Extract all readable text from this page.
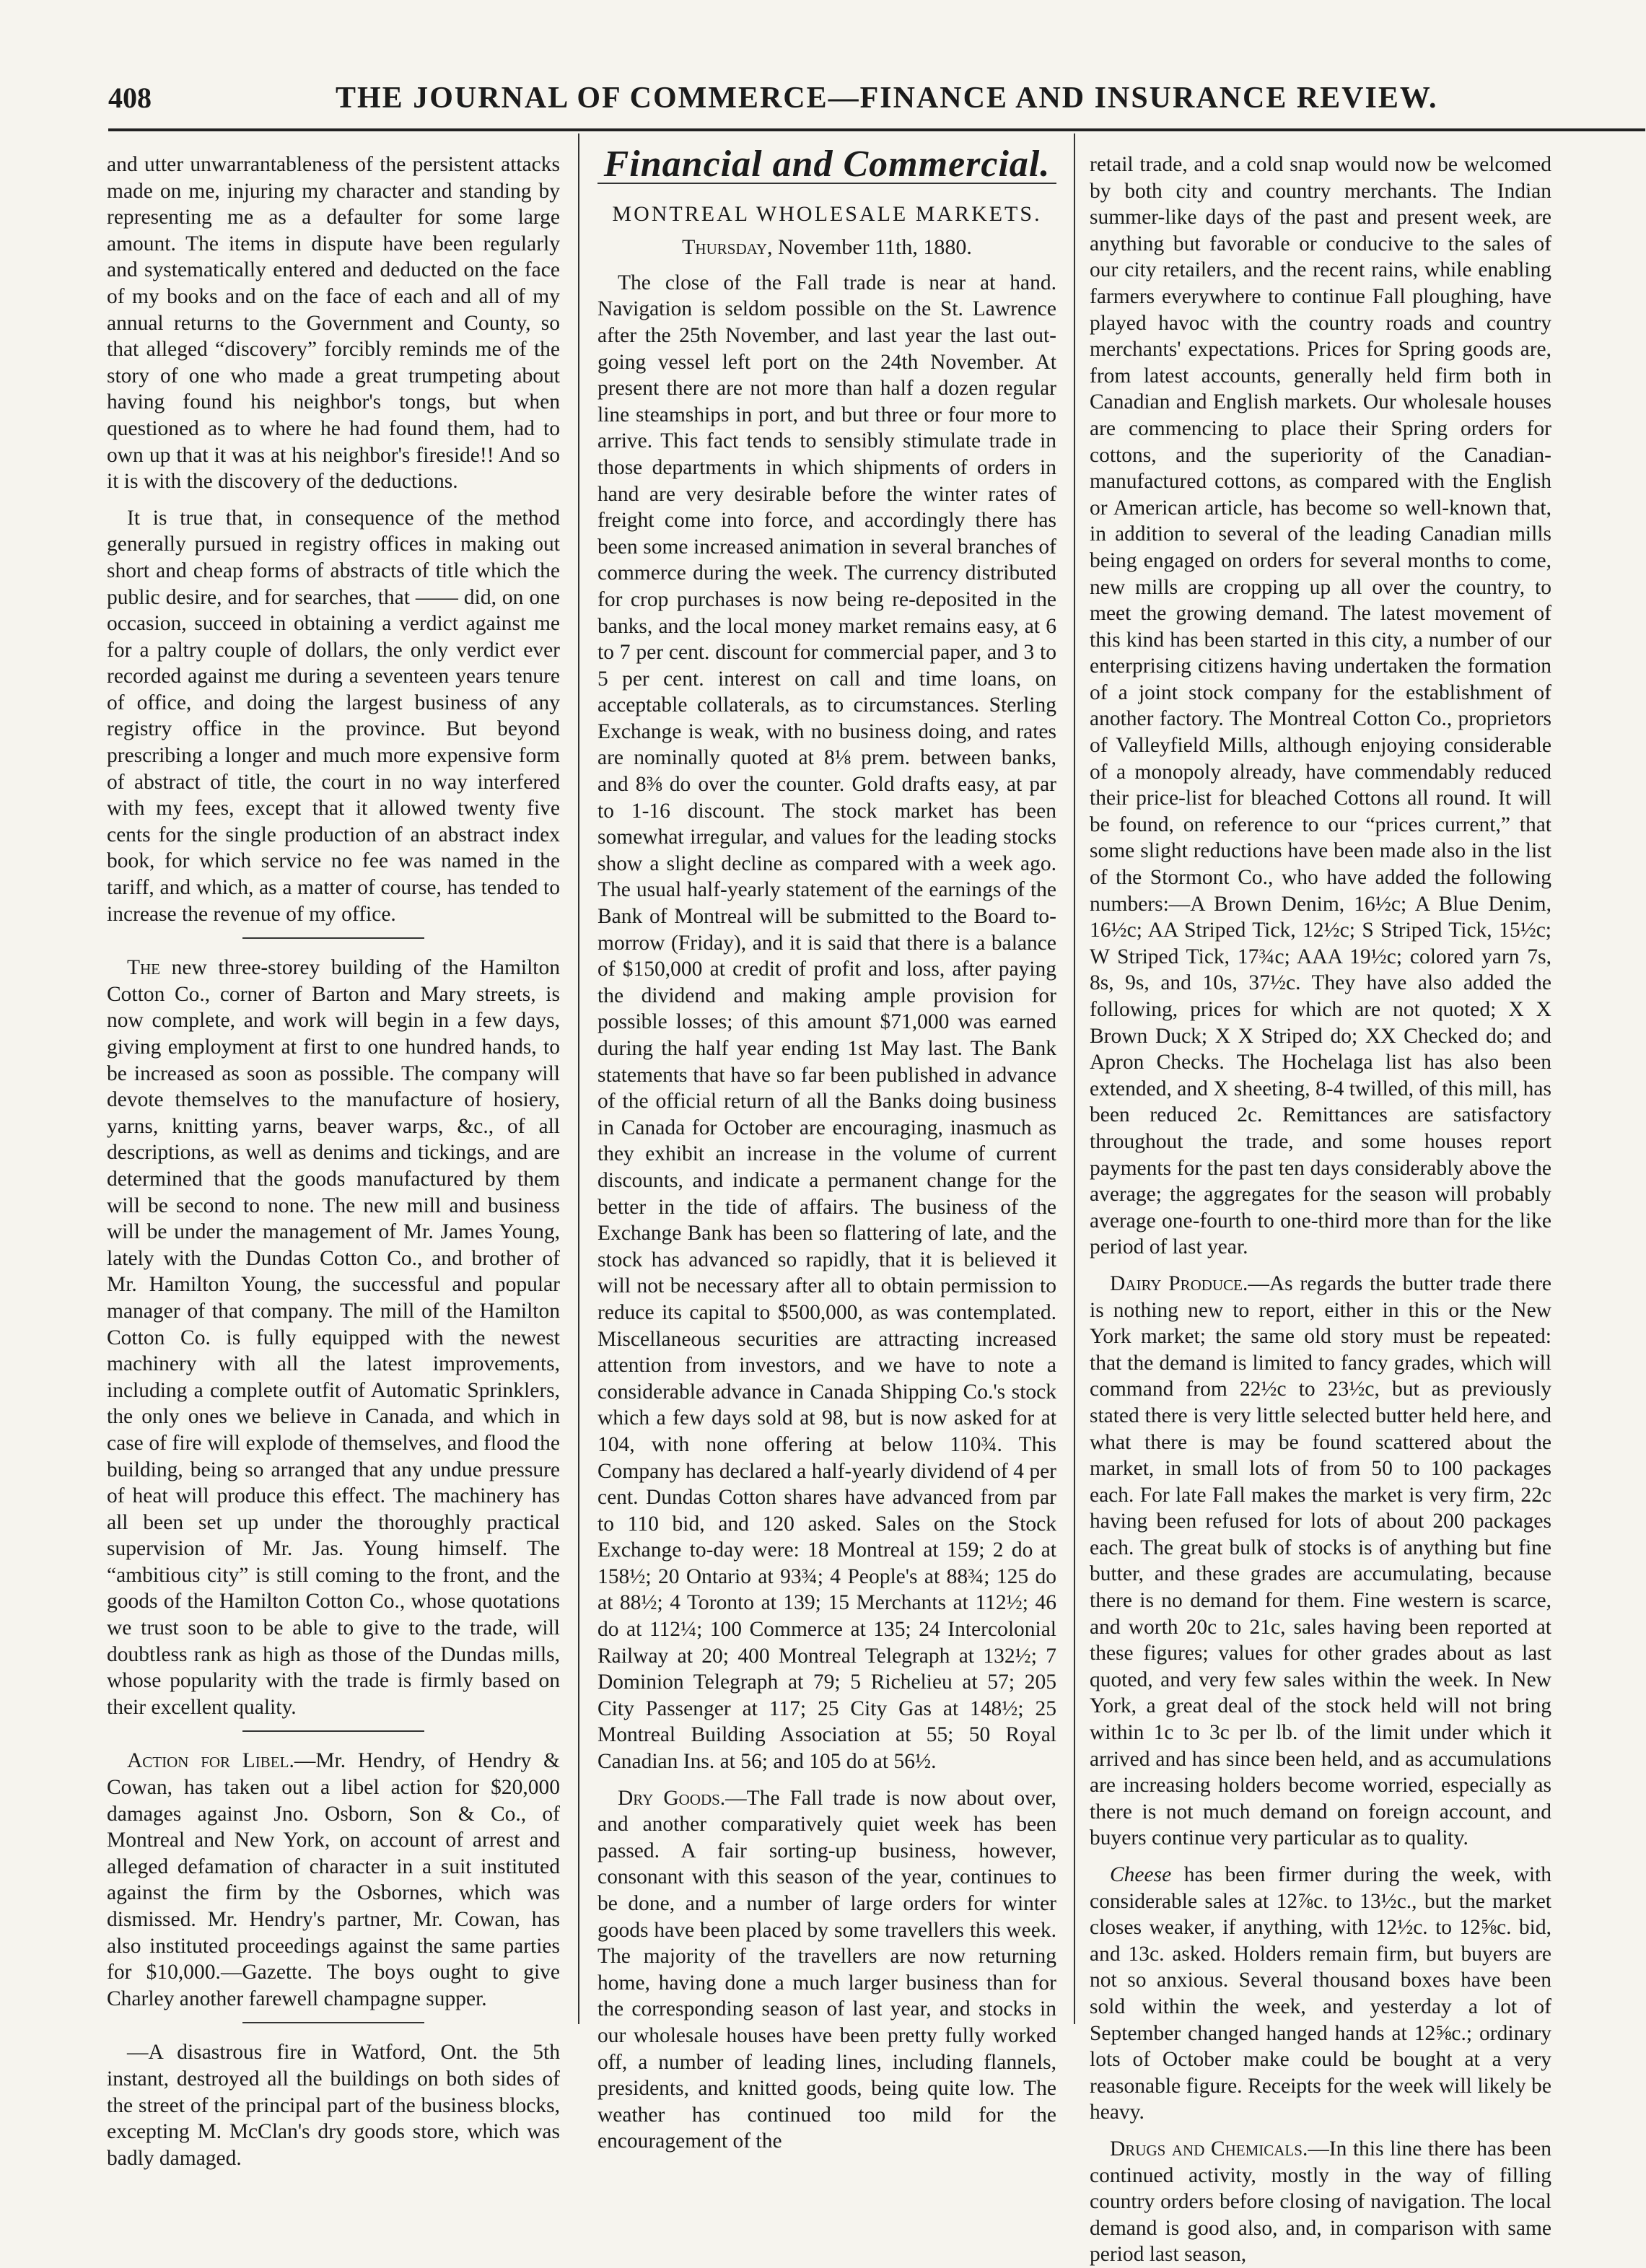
408	THE JOURNAL OF COMMERCE—FINANCE AND INSURANCE REVIEW.

and utter unwarrantableness of the persistent attacks made on me, injuring my character and standing by representing me as a defaulter for some large amount. The items in dispute have been regularly and systematically entered and deducted on the face of my books and on the face of each and all of my annual returns to the Government and County, so that alleged “discovery” forcibly reminds me of the story of one who made a great trumpeting about having found his neighbor's tongs, but when questioned as to where he had found them, had to own up that it was at his neighbor's fireside!! And so it is with the discovery of the deductions.

It is true that, in consequence of the method generally pursued in registry offices in making out short and cheap forms of abstracts of title which the public desire, and for searches, that —— did, on one occasion, succeed in obtaining a verdict against me for a paltry couple of dollars, the only verdict ever recorded against me during a seventeen years tenure of office, and doing the largest business of any registry office in the province. But beyond prescribing a longer and much more expensive form of abstract of title, the court in no way interfered with my fees, except that it allowed twenty five cents for the single production of an abstract index book, for which service no fee was named in the tariff, and which, as a matter of course, has tended to increase the revenue of my office.

The new three-storey building of the Hamilton Cotton Co., corner of Barton and Mary streets, is now complete, and work will begin in a few days, giving employment at first to one hundred hands, to be increased as soon as possible. The company will devote themselves to the manufacture of hosiery, yarns, knitting yarns, beaver warps, &c., of all descriptions, as well as denims and tickings, and are determined that the goods manufactured by them will be second to none. The new mill and business will be under the management of Mr. James Young, lately with the Dundas Cotton Co., and brother of Mr. Hamilton Young, the successful and popular manager of that company. The mill of the Hamilton Cotton Co. is fully equipped with the newest machinery with all the latest improvements, including a complete outfit of Automatic Sprinklers, the only ones we believe in Canada, and which in case of fire will explode of themselves, and flood the building, being so arranged that any undue pressure of heat will produce this effect. The machinery has all been set up under the thoroughly practical supervision of Mr. Jas. Young himself. The “ambitious city” is still coming to the front, and the goods of the Hamilton Cotton Co., whose quotations we trust soon to be able to give to the trade, will doubtless rank as high as those of the Dundas mills, whose popularity with the trade is firmly based on their excellent quality.

Action for Libel.—Mr. Hendry, of Hendry & Cowan, has taken out a libel action for $20,000 damages against Jno. Osborn, Son & Co., of Montreal and New York, on account of arrest and alleged defamation of character in a suit instituted against the firm by the Osbornes, which was dismissed. Mr. Hendry's partner, Mr. Cowan, has also instituted proceedings against the same parties for $10,000.—Gazette. The boys ought to give Charley another farewell champagne supper.

—A disastrous fire in Watford, Ont. the 5th instant, destroyed all the buildings on both sides of the street of the principal part of the business blocks, excepting M. McClan's dry goods store, which was badly damaged.

Financial and Commercial.
MONTREAL WHOLESALE MARKETS.
Thursday, November 11th, 1880.

The close of the Fall trade is near at hand. Navigation is seldom possible on the St. Lawrence after the 25th November, and last year the last out-going vessel left port on the 24th November. At present there are not more than half a dozen regular line steamships in port, and but three or four more to arrive. This fact tends to sensibly stimulate trade in those departments in which shipments of orders in hand are very desirable before the winter rates of freight come into force, and accordingly there has been some increased animation in several branches of commerce during the week. The currency distributed for crop purchases is now being re-deposited in the banks, and the local money market remains easy, at 6 to 7 per cent. discount for commercial paper, and 3 to 5 per cent. interest on call and time loans, on acceptable collaterals, as to circumstances. Sterling Exchange is weak, with no business doing, and rates are nominally quoted at 8⅛ prem. between banks, and 8⅜ do over the counter. Gold drafts easy, at par to 1-16 discount. The stock market has been somewhat irregular, and values for the leading stocks show a slight decline as compared with a week ago. The usual half-yearly statement of the earnings of the Bank of Montreal will be submitted to the Board to-morrow (Friday), and it is said that there is a balance of $150,000 at credit of profit and loss, after paying the dividend and making ample provision for possible losses; of this amount $71,000 was earned during the half year ending 1st May last. The Bank statements that have so far been published in advance of the official return of all the Banks doing business in Canada for October are encouraging, inasmuch as they exhibit an increase in the volume of current discounts, and indicate a permanent change for the better in the tide of affairs. The business of the Exchange Bank has been so flattering of late, and the stock has advanced so rapidly, that it is believed it will not be necessary after all to obtain permission to reduce its capital to $500,000, as was contemplated. Miscellaneous securities are attracting increased attention from investors, and we have to note a considerable advance in Canada Shipping Co.'s stock which a few days sold at 98, but is now asked for at 104, with none offering at below 110¾. This Company has declared a half-yearly dividend of 4 per cent. Dundas Cotton shares have advanced from par to 110 bid, and 120 asked. Sales on the Stock Exchange to-day were: 18 Montreal at 159; 2 do at 158½; 20 Ontario at 93¾; 4 People's at 88¾; 125 do at 88½; 4 Toronto at 139; 15 Merchants at 112½; 46 do at 112¼; 100 Commerce at 135; 24 Intercolonial Railway at 20; 400 Montreal Telegraph at 132½; 7 Dominion Telegraph at 79; 5 Richelieu at 57; 205 City Passenger at 117; 25 City Gas at 148½; 25 Montreal Building Association at 55; 50 Royal Canadian Ins. at 56; and 105 do at 56½.

Dry Goods.—The Fall trade is now about over, and another comparatively quiet week has been passed. A fair sorting-up business, however, consonant with this season of the year, continues to be done, and a number of large orders for winter goods have been placed by some travellers this week. The majority of the travellers are now returning home, having done a much larger business than for the corresponding season of last year, and stocks in our wholesale houses have been pretty fully worked off, a number of leading lines, including flannels, presidents, and knitted goods, being quite low. The weather has continued too mild for the encouragement of the

retail trade, and a cold snap would now be welcomed by both city and country merchants. The Indian summer-like days of the past and present week, are anything but favorable or conducive to the sales of our city retailers, and the recent rains, while enabling farmers everywhere to continue Fall ploughing, have played havoc with the country roads and country merchants' expectations. Prices for Spring goods are, from latest accounts, generally held firm both in Canadian and English markets. Our wholesale houses are commencing to place their Spring orders for cottons, and the superiority of the Canadian-manufactured cottons, as compared with the English or American article, has become so well-known that, in addition to several of the leading Canadian mills being engaged on orders for several months to come, new mills are cropping up all over the country, to meet the growing demand. The latest movement of this kind has been started in this city, a number of our enterprising citizens having undertaken the formation of a joint stock company for the establishment of another factory. The Montreal Cotton Co., proprietors of Valleyfield Mills, although enjoying considerable of a monopoly already, have commendably reduced their price-list for bleached Cottons all round. It will be found, on reference to our “prices current,” that some slight reductions have been made also in the list of the Stormont Co., who have added the following numbers:—A Brown Denim, 16½c; A Blue Denim, 16½c; AA Striped Tick, 12½c; S Striped Tick, 15½c; W Striped Tick, 17¾c; AAA 19½c; colored yarn 7s, 8s, 9s, and 10s, 37½c. They have also added the following, prices for which are not quoted; X X Brown Duck; X X Striped do; XX Checked do; and Apron Checks. The Hochelaga list has also been extended, and X sheeting, 8-4 twilled, of this mill, has been reduced 2c. Remittances are satisfactory throughout the trade, and some houses report payments for the past ten days considerably above the average; the aggregates for the season will probably average one-fourth to one-third more than for the like period of last year.

Dairy Produce.—As regards the butter trade there is nothing new to report, either in this or the New York market; the same old story must be repeated: that the demand is limited to fancy grades, which will command from 22½c to 23½c, but as previously stated there is very little selected butter held here, and what there is may be found scattered about the market, in small lots of from 50 to 100 packages each. For late Fall makes the market is very firm, 22c having been refused for lots of about 200 packages each. The great bulk of stocks is of anything but fine butter, and these grades are accumulating, because there is no demand for them. Fine western is scarce, and worth 20c to 21c, sales having been reported at these figures; values for other grades about as last quoted, and very few sales within the week. In New York, a great deal of the stock held will not bring within 1c to 3c per lb. of the limit under which it arrived and has since been held, and as accumulations are increasing holders become worried, especially as there is not much demand on foreign account, and buyers continue very particular as to quality.

Cheese has been firmer during the week, with considerable sales at 12⅞c. to 13½c., but the market closes weaker, if anything, with 12½c. to 12⅝c. bid, and 13c. asked. Holders remain firm, but buyers are not so anxious. Several thousand boxes have been sold within the week, and yesterday a lot of September changed hanged hands at 12⅝c.; ordinary lots of October make could be bought at a very reasonable figure. Receipts for the week will likely be heavy.

Drugs and Chemicals.—In this line there has been continued activity, mostly in the way of filling country orders before closing of navigation. The local demand is good also, and, in comparison with same period last season,
